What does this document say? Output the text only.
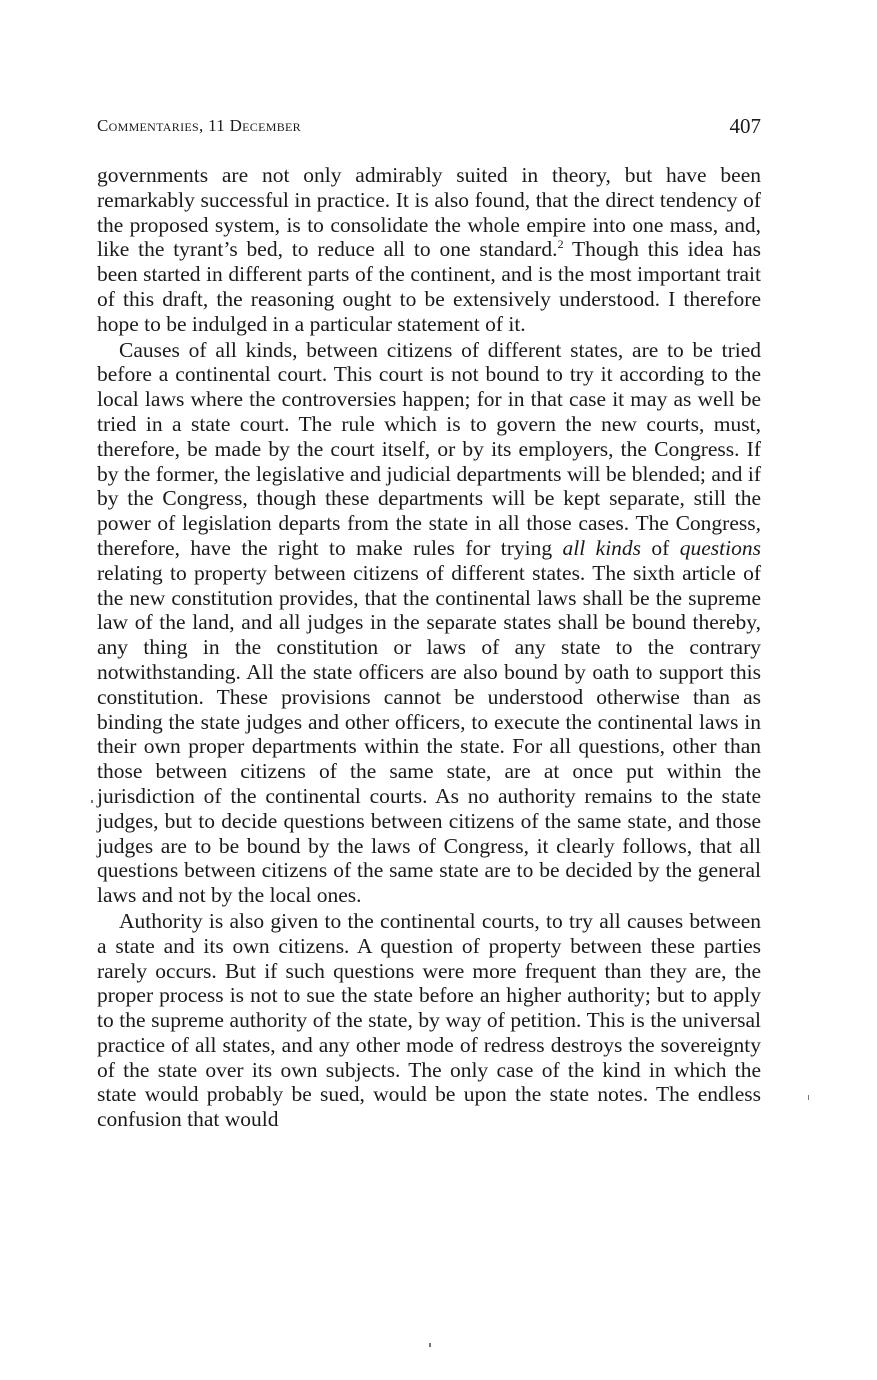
Commentaries, 11 December	407

governments are not only admirably suited in theory, but have been remarkably successful in practice. It is also found, that the direct tendency of the proposed system, is to consolidate the whole empire into one mass, and, like the tyrant’s bed, to reduce all to one standard.$^2$ Though this idea has been started in different parts of the continent, and is the most important trait of this draft, the reasoning ought to be extensively understood. I therefore hope to be indulged in a particular statement of it.

Causes of all kinds, between citizens of different states, are to be tried before a continental court. This court is not bound to try it according to the local laws where the controversies happen; for in that case it may as well be tried in a state court. The rule which is to govern the new courts, must, therefore, be made by the court itself, or by its employers, the Congress. If by the former, the legislative and judicial departments will be blended; and if by the Congress, though these departments will be kept separate, still the power of legislation departs from the state in all those cases. The Congress, therefore, have the right to make rules for trying all kinds of questions relating to property between citizens of different states. The sixth article of the new constitution provides, that the continental laws shall be the supreme law of the land, and all judges in the separate states shall be bound thereby, any thing in the constitution or laws of any state to the contrary notwithstanding. All the state officers are also bound by oath to support this constitution. These provisions cannot be understood otherwise than as binding the state judges and other officers, to execute the continental laws in their own proper departments within the state. For all questions, other than those between citizens of the same state, are at once put within the jurisdiction of the continental courts. As no authority remains to the state judges, but to decide questions between citizens of the same state, and those judges are to be bound by the laws of Congress, it clearly follows, that all questions between citizens of the same state are to be decided by the general laws and not by the local ones.

Authority is also given to the continental courts, to try all causes between a state and its own citizens. A question of property between these parties rarely occurs. But if such questions were more frequent than they are, the proper process is not to sue the state before an higher authority; but to apply to the supreme authority of the state, by way of petition. This is the universal practice of all states, and any other mode of redress destroys the sovereignty of the state over its own subjects. The only case of the kind in which the state would probably be sued, would be upon the state notes. The endless confusion that would
